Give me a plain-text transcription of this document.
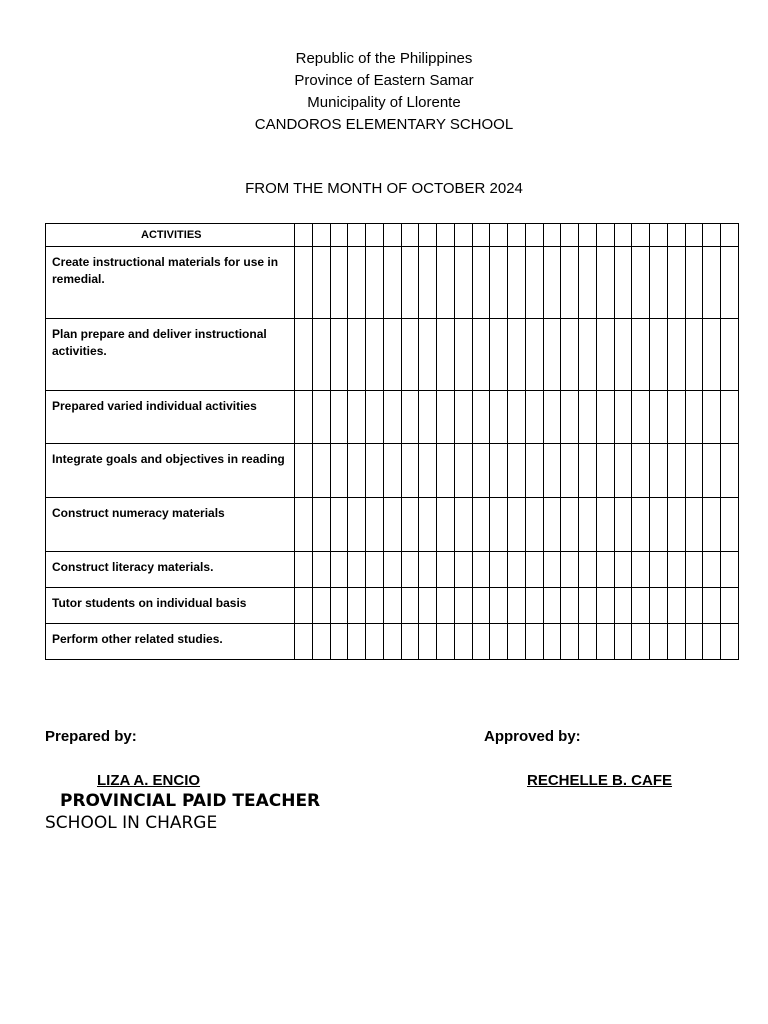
Republic of the Philippines
Province of Eastern Samar
Municipality of Llorente
CANDOROS ELEMENTARY SCHOOL
FROM THE MONTH OF OCTOBER 2024
ACTIVITIES																									
Create instructional materials for use in remedial.																									
Plan prepare and deliver instructional activities.																									
Prepared varied individual activities																									
Integrate goals and objectives in reading																									
Construct numeracy materials																									
Construct literacy materials.																									
Tutor students on individual basis																									
Perform other related studies.																									
Prepared by:	Approved by:
LIZA A. ENCIO	RECHELLE B. CAFE
PROVINCIAL PAID TEACHER
SCHOOL IN CHARGE
